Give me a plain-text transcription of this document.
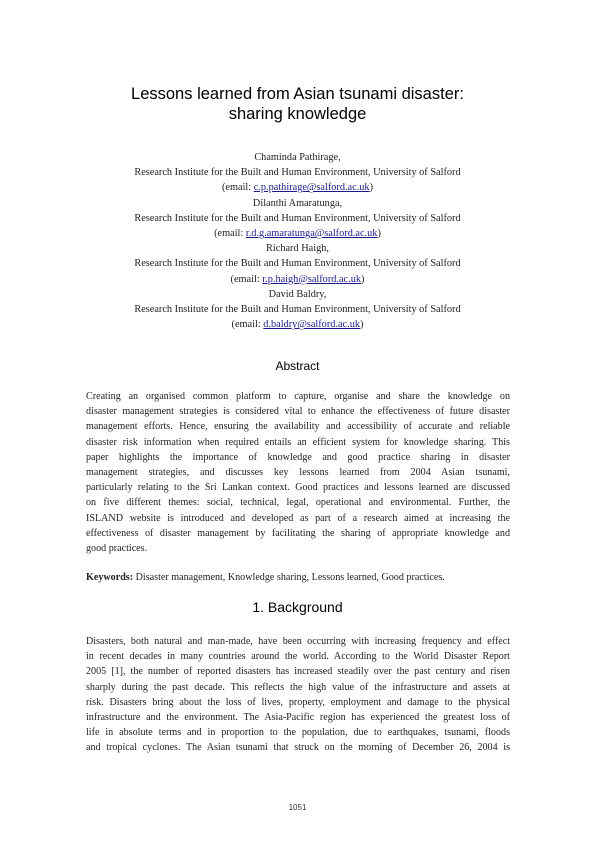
Lessons learned from Asian tsunami disaster:
sharing knowledge
Chaminda Pathirage,
Research Institute for the Built and Human Environment, University of Salford
(email: c.p.pathirage@salford.ac.uk)
Dilanthi Amaratunga,
Research Institute for the Built and Human Environment, University of Salford
(email: r.d.g.amaratunga@salford.ac.uk)
Richard Haigh,
Research Institute for the Built and Human Environment, University of Salford
(email: r.p.haigh@salford.ac.uk)
David Baldry,
Research Institute for the Built and Human Environment, University of Salford
(email: d.baldry@salford.ac.uk)
Abstract
Creating an organised common platform to capture, organise and share the knowledge on
disaster management strategies is considered vital to enhance the effectiveness of future disaster
management efforts. Hence, ensuring the availability and accessibility of accurate and reliable
disaster risk information when required entails an efficient system for knowledge sharing. This
paper highlights the importance of knowledge and good practice sharing in disaster
management strategies, and discusses key lessons learned from 2004 Asian tsunami,
particularly relating to the Sri Lankan context. Good practices and lessons learned are discussed
on five different themes: social, technical, legal, operational and environmental. Further, the
ISLAND website is introduced and developed as part of a research aimed at increasing the
effectiveness of disaster management by facilitating the sharing of appropriate knowledge and
good practices.
Keywords: Disaster management, Knowledge sharing, Lessons learned, Good practices.
1. Background
Disasters, both natural and man-made, have been occurring with increasing frequency and effect
in recent decades in many countries around the world. According to the World Disaster Report
2005 [1], the number of reported disasters has increased steadily over the past century and risen
sharply during the past decade. This reflects the high value of the infrastructure and assets at
risk. Disasters bring about the loss of lives, property, employment and damage to the physical
infrastructure and the environment. The Asia-Pacific region has experienced the greatest loss of
life in absolute terms and in proportion to the population, due to earthquakes, tsunami, floods
and tropical cyclones. The Asian tsunami that struck on the morning of December 26, 2004 is
1051
